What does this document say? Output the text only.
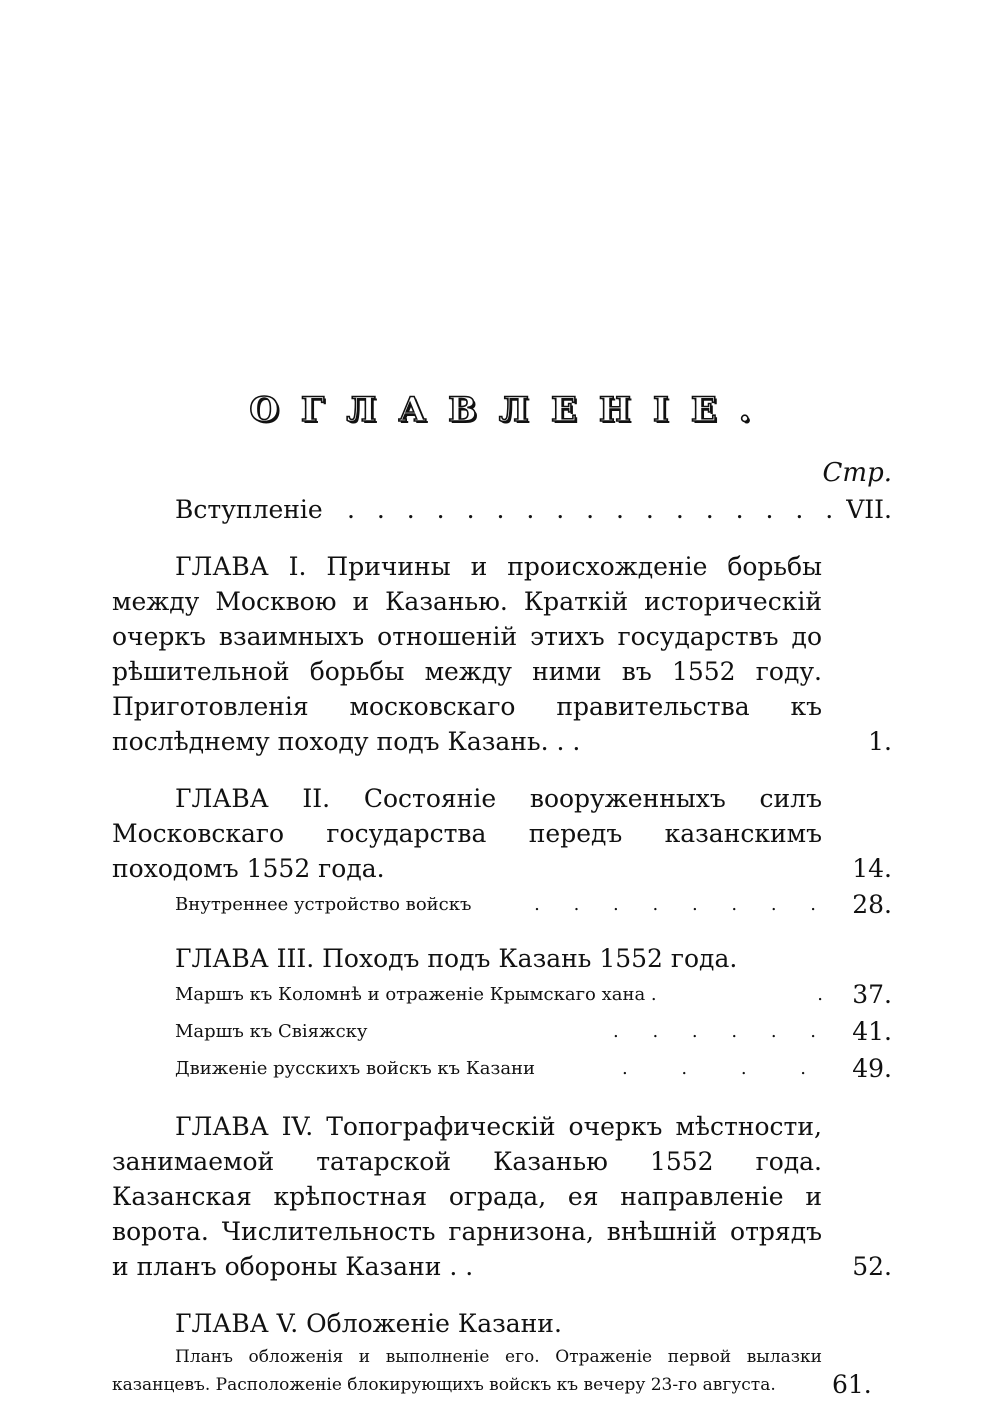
ОГЛАВЛЕНІЕ.
Стр.
Вступленіе . . . . . . . . . . . . . . . . . VII.
ГЛАВА I. Причины и происхожденіе борьбы между Москвою и Казанью. Краткій историческій очеркъ взаимныхъ отношеній этихъ государствъ до рѣшительной борьбы между ними въ 1552 году. Приготовленія московскаго правительства къ послѣднему походу подъ Казань. . .	1.
ГЛАВА II. Состояніе вооруженныхъ силъ Московскаго государства передъ казанскимъ походомъ 1552 года.	14.
Внутреннее устройство войскъ	. . . . . . . . 28.
ГЛАВА III. Походъ подъ Казань 1552 года.
Маршъ къ Коломнѣ и отраженіе Крымскаго хана .	. 37.
Маршъ къ Свіяжску	. . . . . . 41.
Движеніе русскихъ войскъ къ Казани	. . . . 49.
ГЛАВА IV. Топографическій очеркъ мѣстности, занимаемой татарской Казанью 1552 года. Казанская крѣпостная ограда, ея направленіе и ворота. Числительность гарнизона, внѣшній отрядъ и планъ обороны Казани . .	52.
ГЛАВА V. Обложеніе Казани.
Планъ обложенія и выполненіе его. Отраженіе первой вылазки казанцевъ. Расположеніе блокирующихъ войскъ къ вечеру 23-го августа.	61.
